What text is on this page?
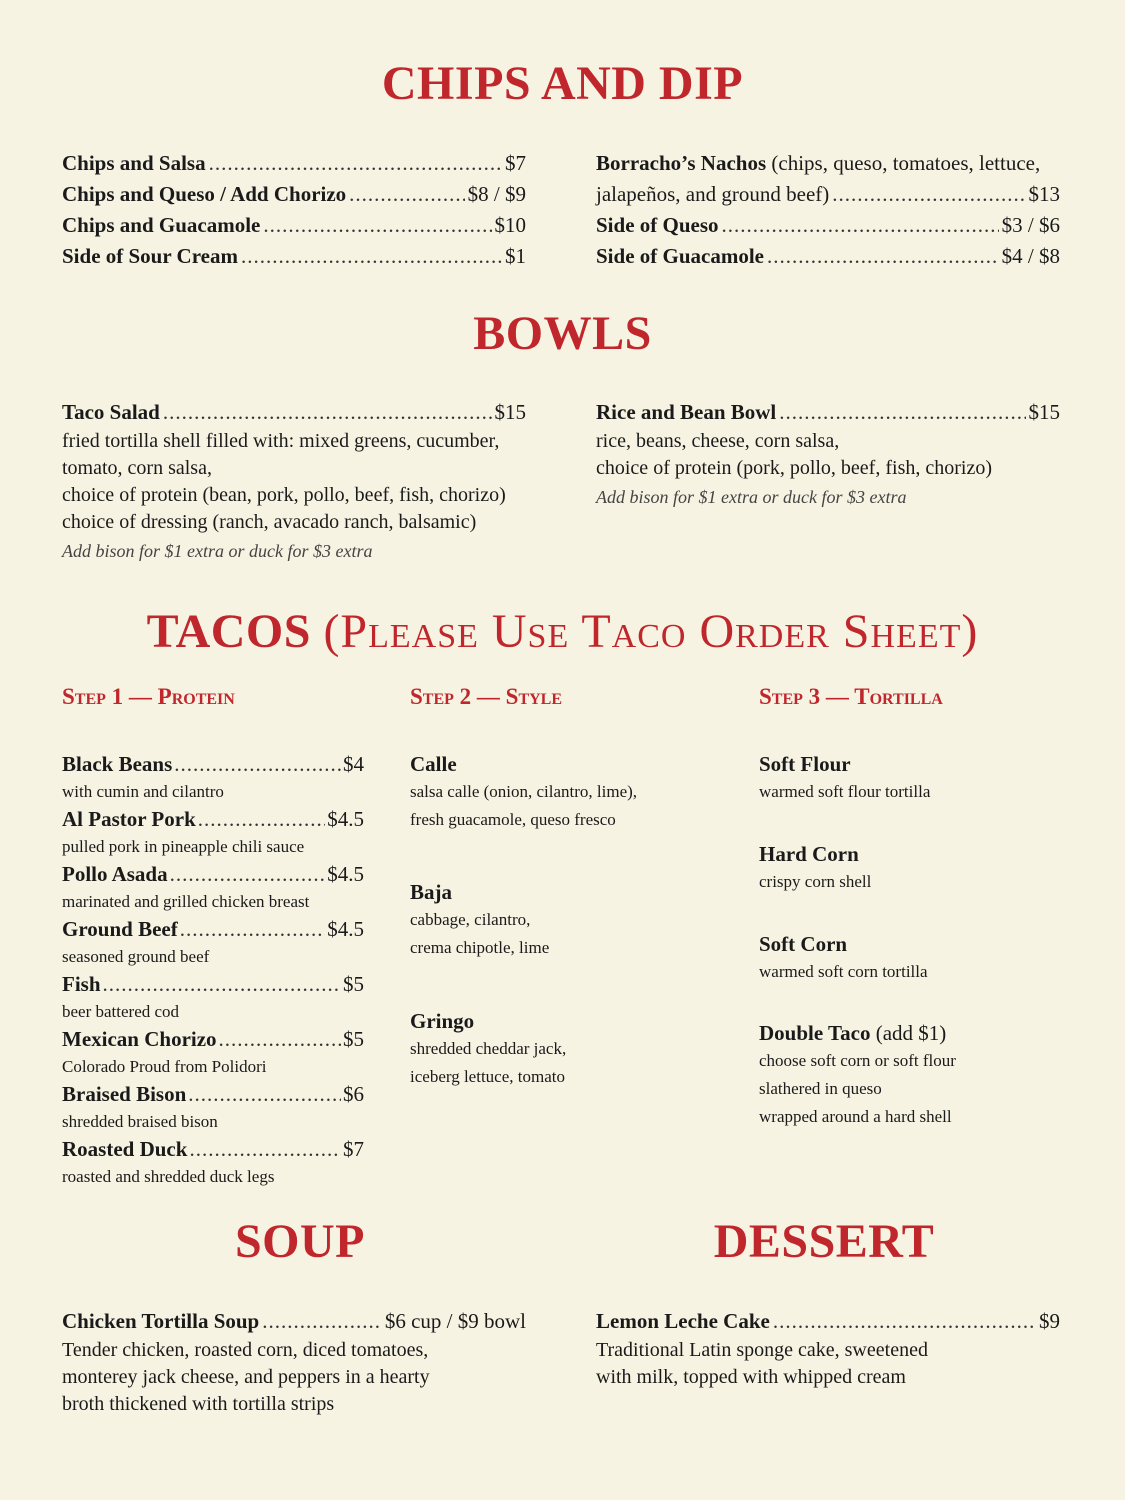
CHIPS AND DIP
Chips and Salsa .....	$7
Chips and Queso / Add Chorizo .....	$8 / $9
Chips and Guacamole .....	$10
Side of Sour Cream .....	$1
Borracho’s Nachos
(chips, queso, tomatoes, lettuce,
jalapeños, and ground beef) .....	$13
Side of Queso .....	$3 / $6
Side of Guacamole .....	$4 / $8
BOWLS
Taco Salad .....	$15
fried tortilla shell filled with: mixed greens, cucumber,
tomato, corn salsa,
choice of protein (bean, pork, pollo, beef, fish, chorizo)
choice of dressing (ranch, avacado ranch, balsamic)
Add bison for $1 extra or duck for $3 extra
Rice and Bean Bowl .....	$15
rice, beans, cheese, corn salsa,
choice of protein (pork, pollo, beef, fish, chorizo)
Add bison for $1 extra or duck for $3 extra
TACOS (Please Use Taco Order Sheet)
Step 1 — Protein	Step 2 — Style	Step 3 — Tortilla
Black Beans .....	$4
with cumin and cilantro
Al Pastor Pork .....	$4.5
pulled pork in pineapple chili sauce
Pollo Asada .....	$4.5
marinated and grilled chicken breast
Ground Beef .....	$4.5
seasoned ground beef
Fish .....	$5
beer battered cod
Mexican Chorizo .....	$5
Colorado Proud from Polidori
Braised Bison .....	$6
shredded braised bison
Roasted Duck .....	$7
roasted and shredded duck legs
Calle
salsa calle (onion, cilantro, lime),
fresh guacamole, queso fresco
Baja
cabbage, cilantro,
crema chipotle, lime
Gringo
shredded cheddar jack,
iceberg lettuce, tomato
Soft Flour
warmed soft flour tortilla
Hard Corn
crispy corn shell
Soft Corn
warmed soft corn tortilla
Double Taco (add $1)
choose soft corn or soft flour
slathered in queso
wrapped around a hard shell
SOUP
Chicken Tortilla Soup .....	$6 cup / $9 bowl
Tender chicken, roasted corn, diced tomatoes,
monterey jack cheese, and peppers in a hearty
broth thickened with tortilla strips
DESSERT
Lemon Leche Cake .....	$9
Traditional Latin sponge cake, sweetened
with milk, topped with whipped cream
